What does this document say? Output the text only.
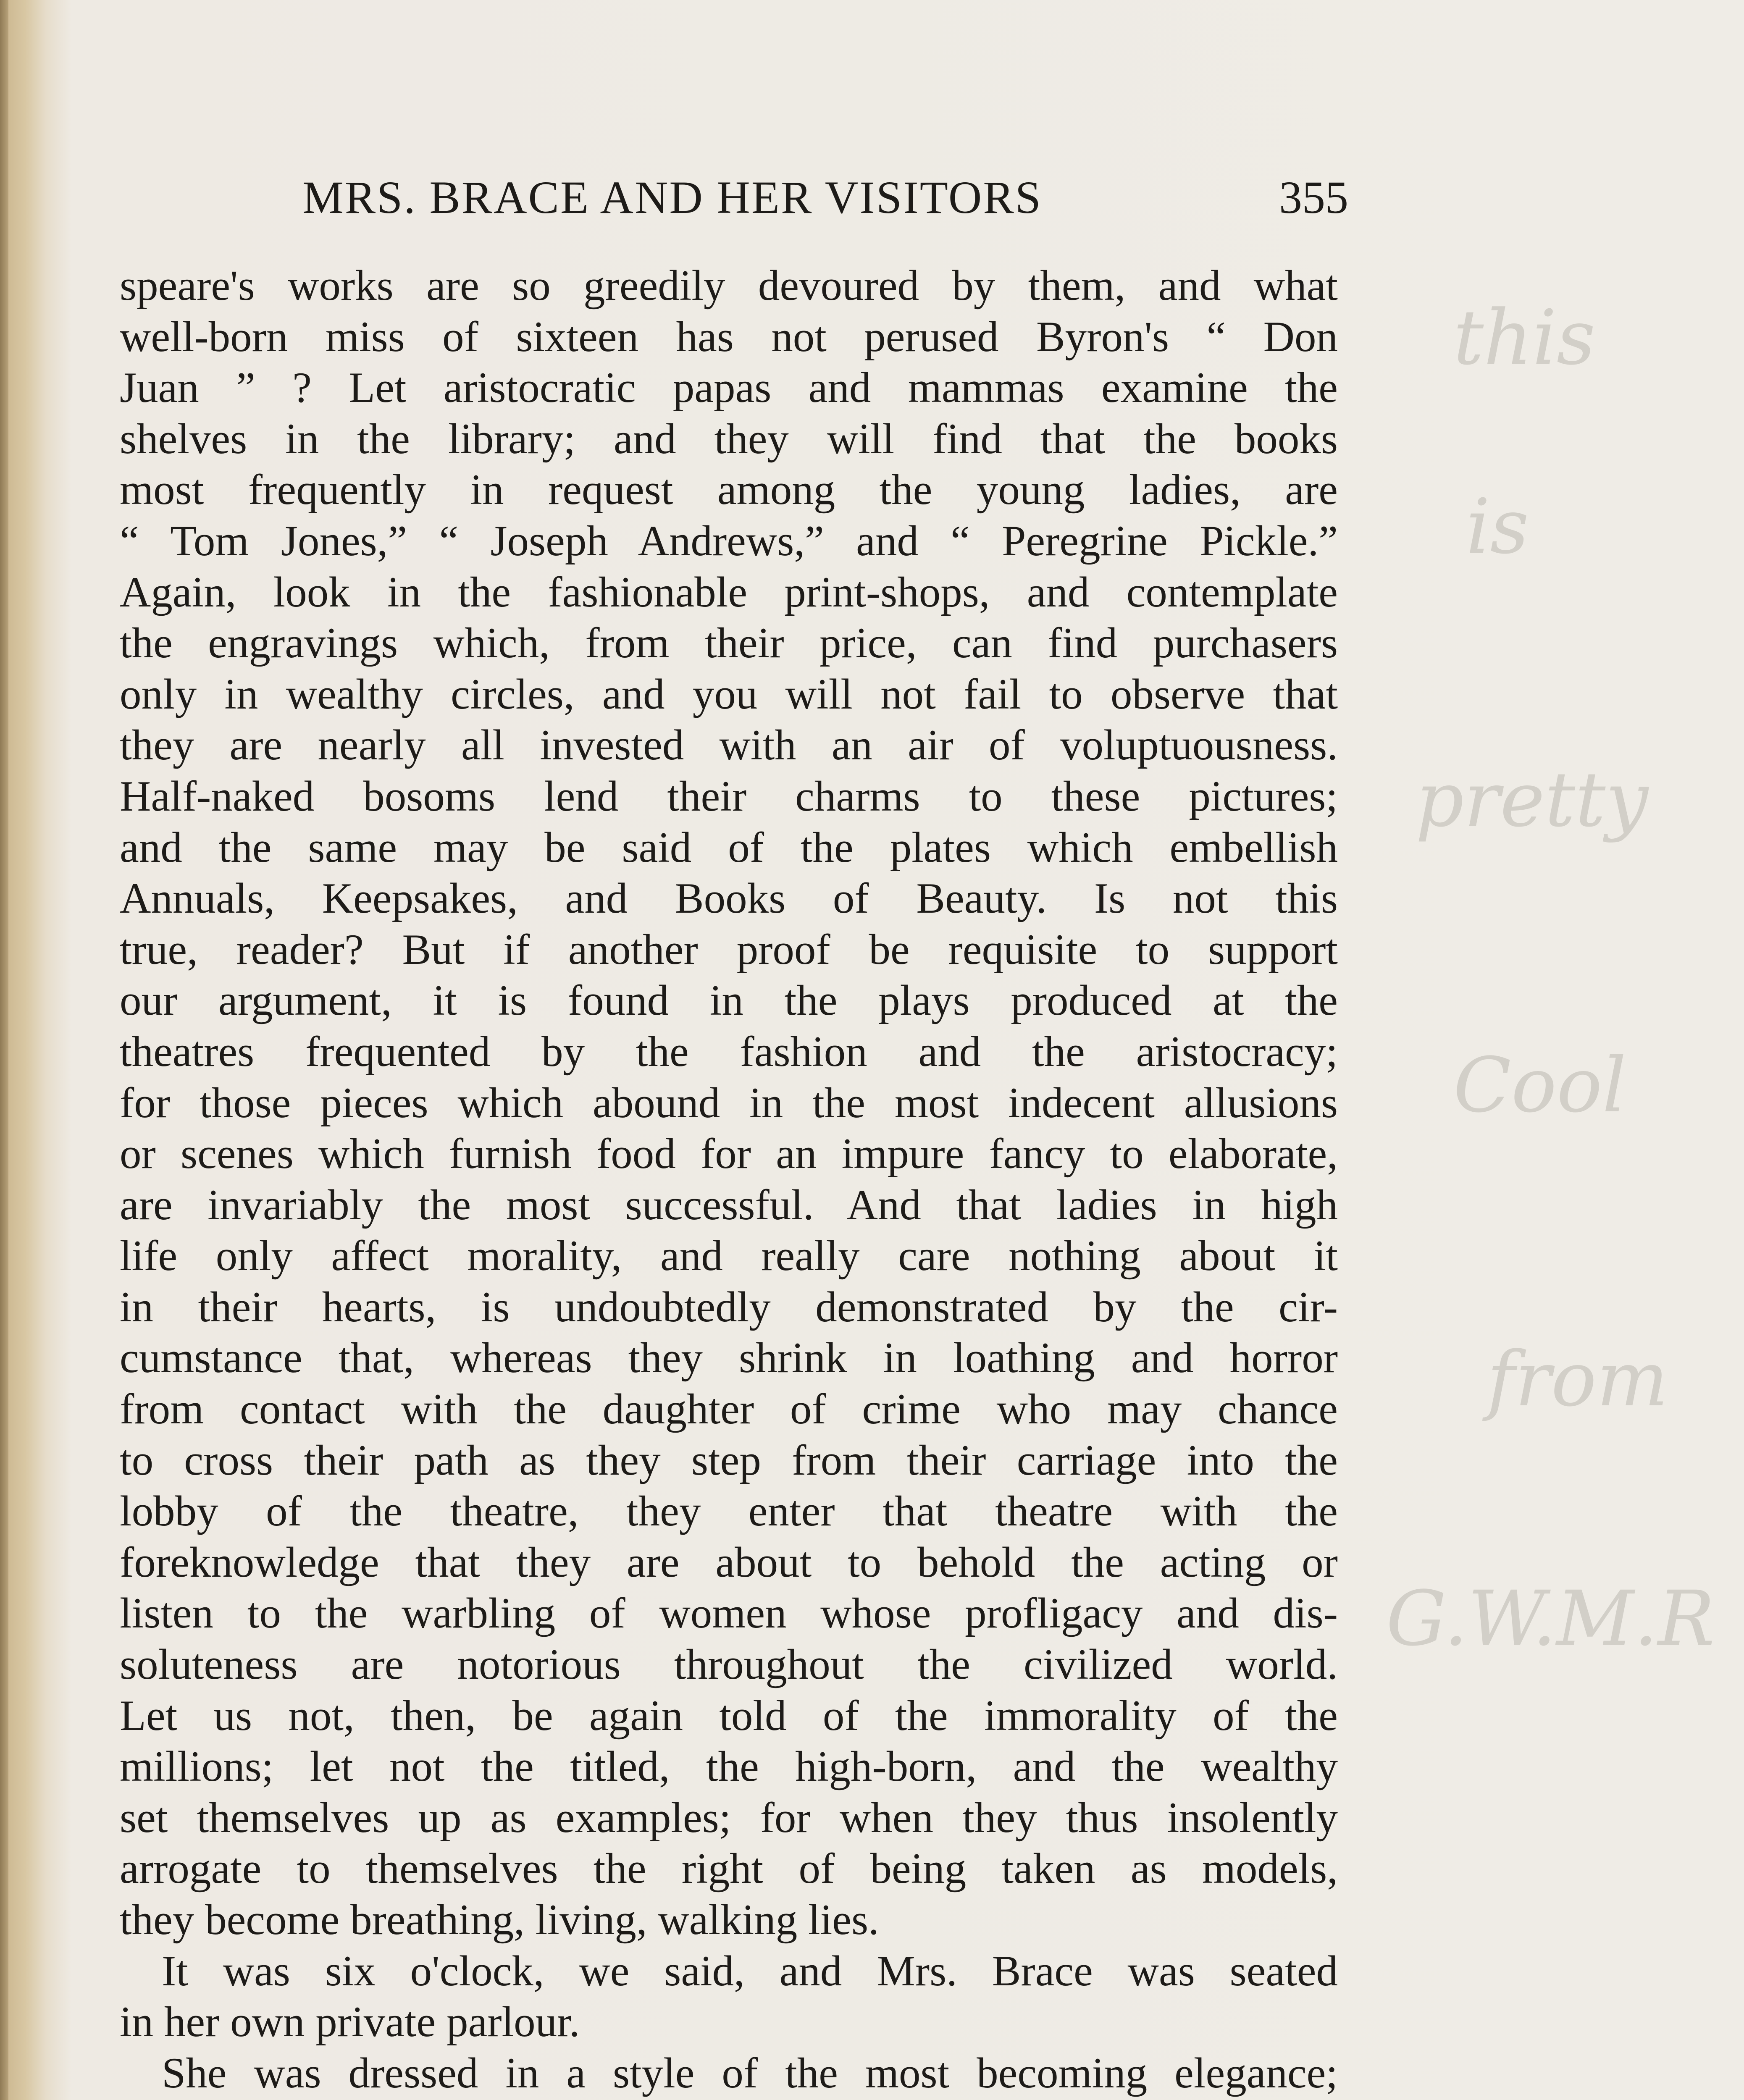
MRS. BRACE AND HER VISITORS	355
speare's works are so greedily devoured by them, and what
well-born miss of sixteen has not perused Byron's “ Don
Juan ” ? Let aristocratic papas and mammas examine the
shelves in the library; and they will find that the books
most frequently in request among the young ladies, are
“ Tom Jones,” “ Joseph Andrews,” and “ Peregrine Pickle.”
Again, look in the fashionable print-shops, and contemplate
the engravings which, from their price, can find purchasers
only in wealthy circles, and you will not fail to observe that
they are nearly all invested with an air of voluptuousness.
Half-naked bosoms lend their charms to these pictures;
and the same may be said of the plates which embellish
Annuals, Keepsakes, and Books of Beauty. Is not this
true, reader? But if another proof be requisite to support
our argument, it is found in the plays produced at the
theatres frequented by the fashion and the aristocracy;
for those pieces which abound in the most indecent allusions
or scenes which furnish food for an impure fancy to elaborate,
are invariably the most successful. And that ladies in high
life only affect morality, and really care nothing about it
in their hearts, is undoubtedly demonstrated by the cir-
cumstance that, whereas they shrink in loathing and horror
from contact with the daughter of crime who may chance
to cross their path as they step from their carriage into the
lobby of the theatre, they enter that theatre with the
foreknowledge that they are about to behold the acting or
listen to the warbling of women whose profligacy and dis-
soluteness are notorious throughout the civilized world.
Let us not, then, be again told of the immorality of the
millions; let not the titled, the high-born, and the wealthy
set themselves up as examples; for when they thus insolently
arrogate to themselves the right of being taken as models,
they become breathing, living, walking lies.
It was six o'clock, we said, and Mrs. Brace was seated
in her own private parlour.
She was dressed in a style of the most becoming elegance;
this
is
pretty
Cool
from
G.W.M.R
